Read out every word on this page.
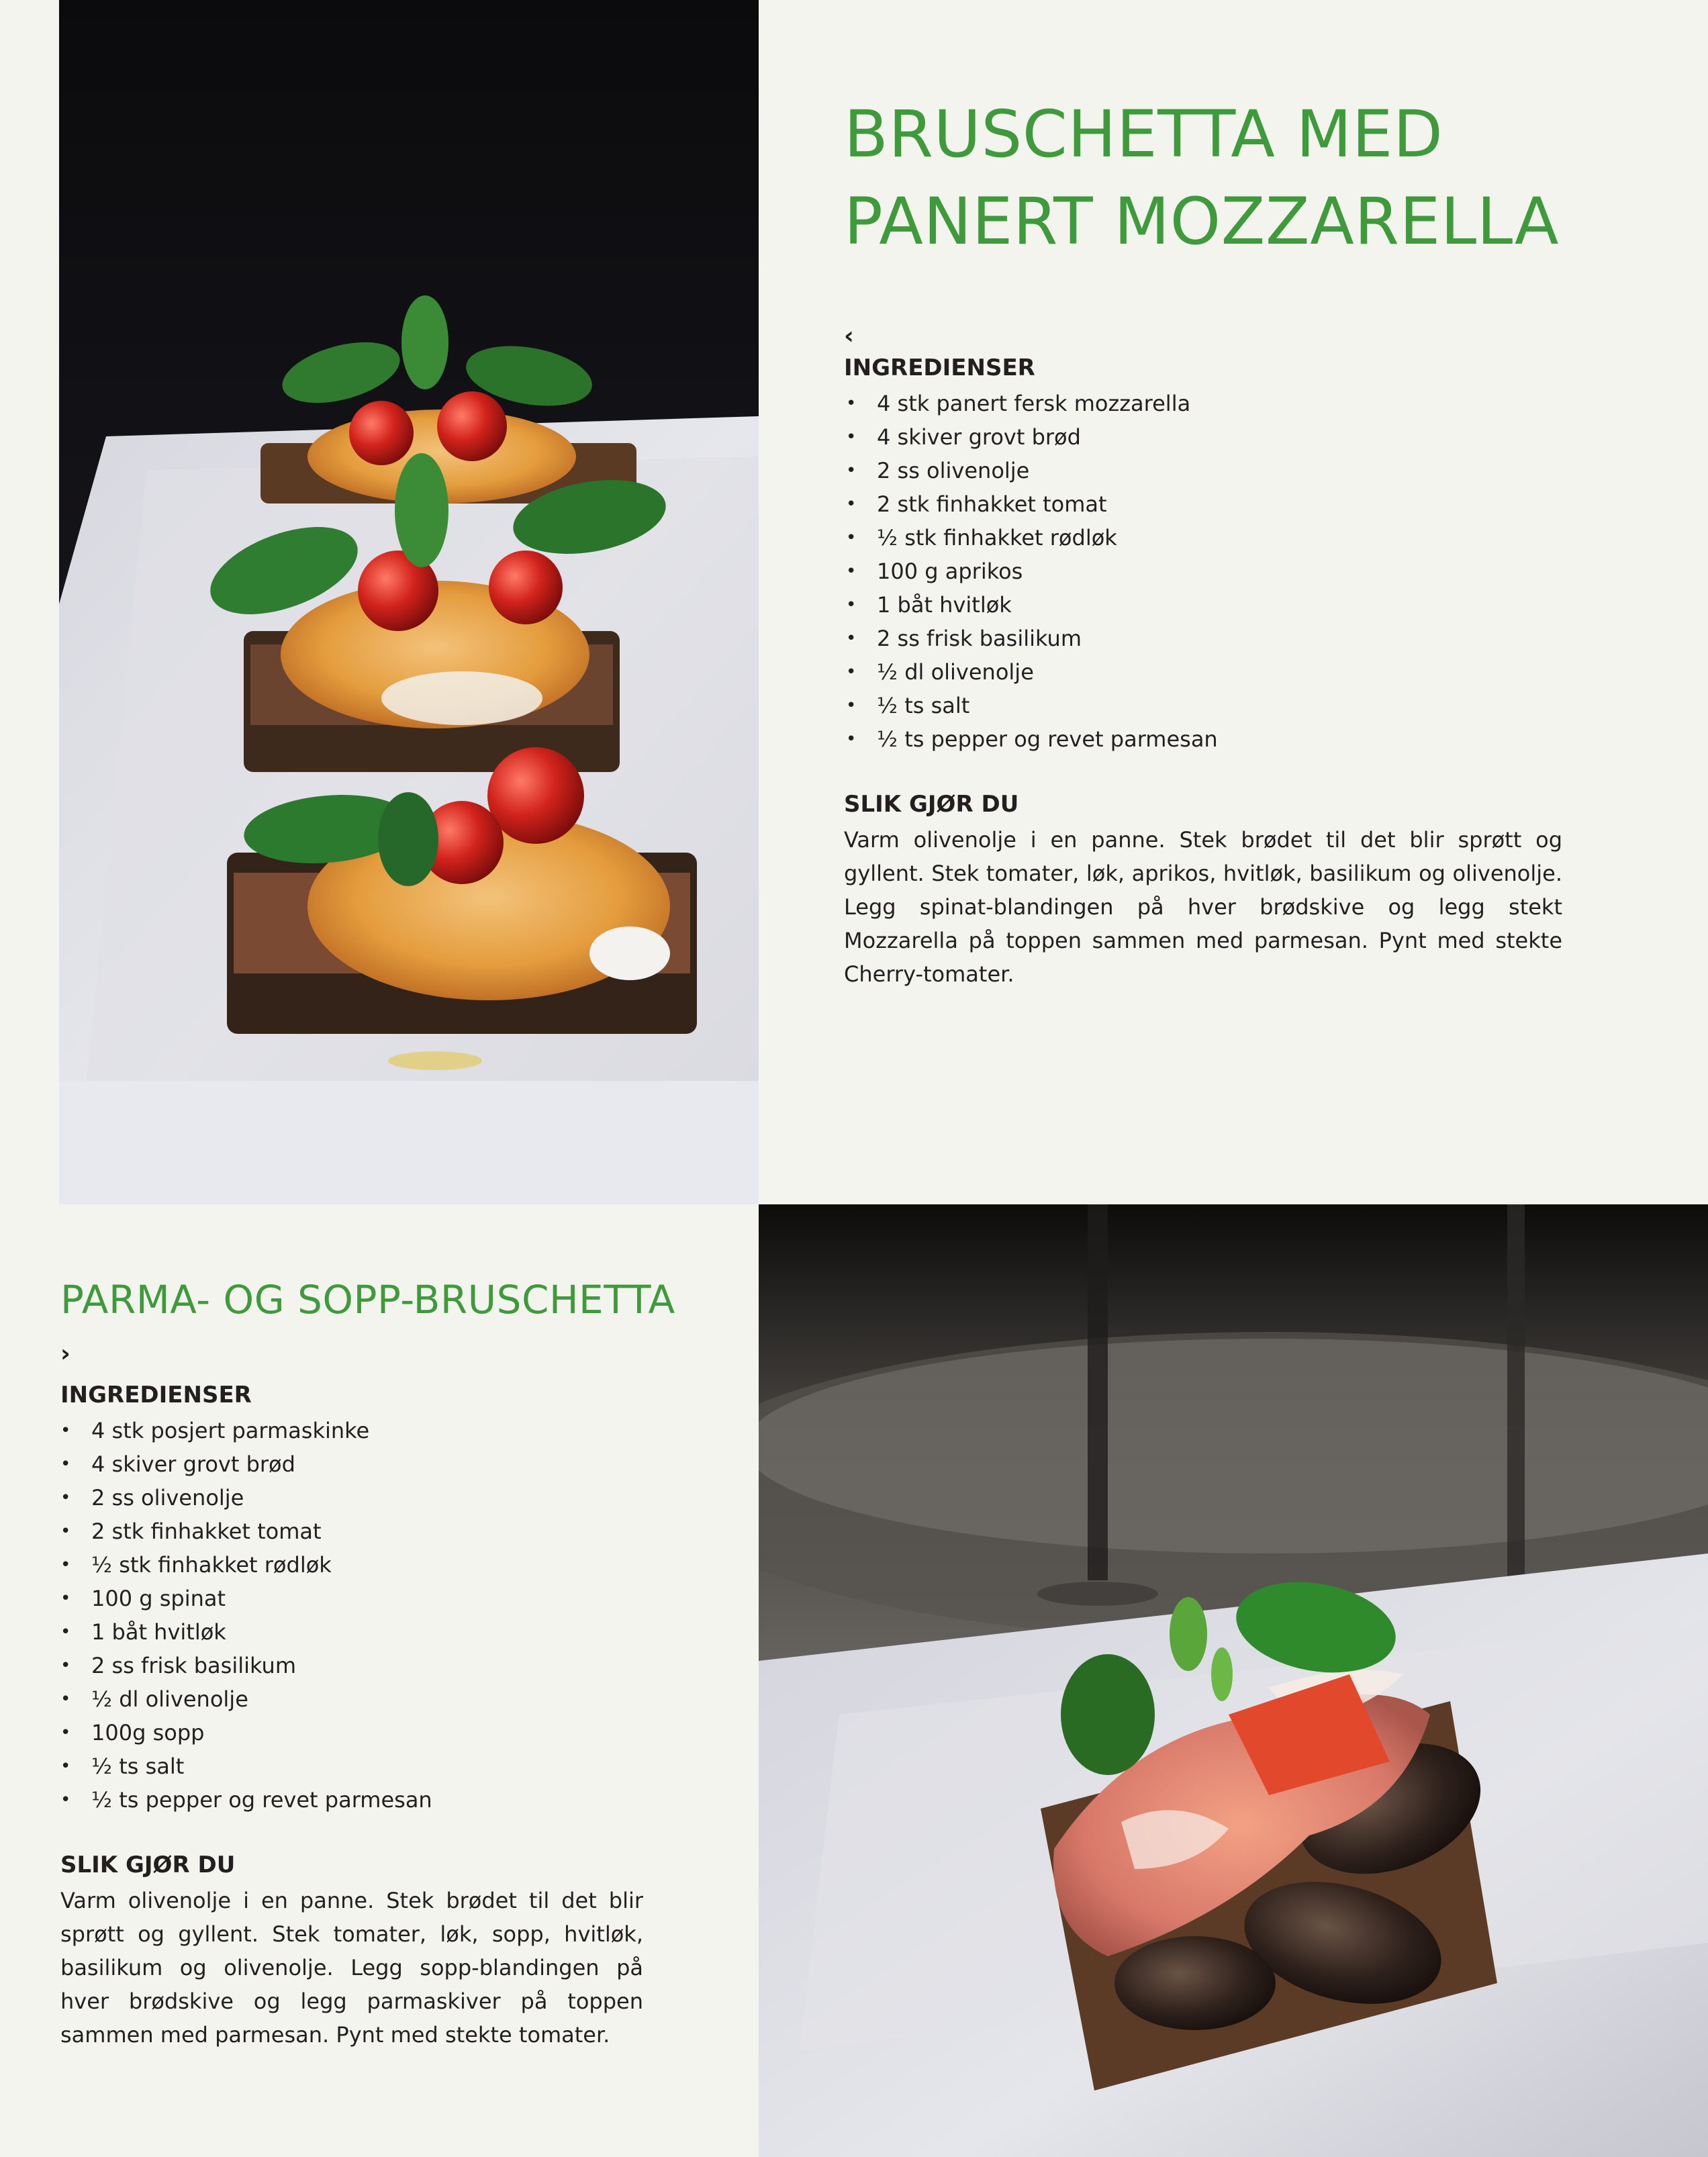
BRUSCHETTA MED
PANERT MOZZARELLA
‹
INGREDIENSER
• 4 stk panert fersk mozzarella
• 4 skiver grovt brød
• 2 ss olivenolje
• 2 stk finhakket tomat
• ½ stk finhakket rødløk
• 100 g aprikos
• 1 båt hvitløk
• 2 ss frisk basilikum
• ½ dl olivenolje
• ½ ts salt
• ½ ts pepper og revet parmesan
SLIK GJØR DU

Varm olivenolje i en panne. Stek brødet til det blir sprøtt og gyllent. Stek tomater, løk, aprikos, hvitløk, basilikum og olivenolje. Legg spinat-blandingen på hver brødskive og legg stekt Mozzarella på toppen sammen med parmesan. Pynt med stekte Cherry-tomater.

PARMA- OG SOPP-BRUSCHETTA
›
INGREDIENSER
• 4 stk posjert parmaskinke
• 4 skiver grovt brød
• 2 ss olivenolje
• 2 stk finhakket tomat
• ½ stk finhakket rødløk
• 100 g spinat
• 1 båt hvitløk
• 2 ss frisk basilikum
• ½ dl olivenolje
• 100g sopp
• ½ ts salt
• ½ ts pepper og revet parmesan
SLIK GJØR DU

Varm olivenolje i en panne. Stek brødet til det blir sprøtt og gyllent. Stek tomater, løk, sopp, hvitløk, basilikum og olivenolje. Legg sopp-blandingen på hver brødskive og legg parmaskiver på toppen sammen med parmesan. Pynt med stekte tomater.
